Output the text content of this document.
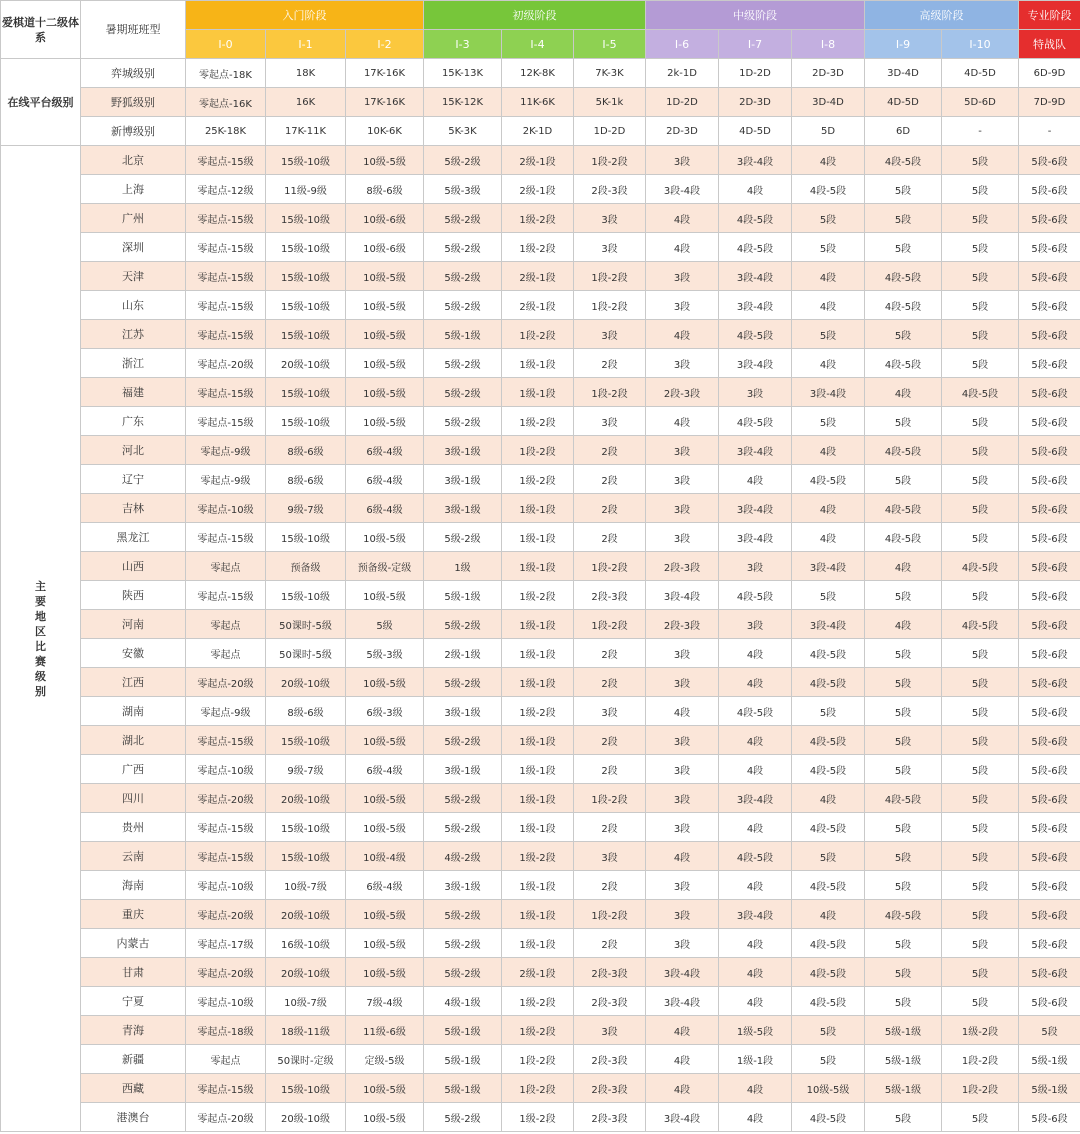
爱棋道十二级体系	暑期班班型	入门阶段			初级阶段			中级阶段			高级阶段		专业阶段
		I-0	I-1	I-2	I-3	I-4	I-5	I-6	I-7	I-8	I-9	I-10	特战队
在线平台级别	弈城级别	零起点-18K	18K	17K-16K	15K-13K	12K-8K	7K-3K	2k-1D	1D-2D	2D-3D	3D-4D	4D-5D	6D-9D
	野狐级别	零起点-16K	16K	17K-16K	15K-12K	11K-6K	5K-1k	1D-2D	2D-3D	3D-4D	4D-5D	5D-6D	7D-9D
	新博级别	25K-18K	17K-11K	10K-6K	5K-3K	2K-1D	1D-2D	2D-3D	4D-5D	5D	6D	-	-
主要地区比赛级别	北京	零起点-15级	15级-10级	10级-5级	5级-2级	2级-1段	1段-2段	3段	3段-4段	4段	4段-5段	5段	5段-6段
	上海	零起点-12级	11级-9级	8级-6级	5级-3级	2级-1段	2段-3段	3段-4段	4段	4段-5段	5段	5段	5段-6段
	广州	零起点-15级	15级-10级	10级-6级	5级-2级	1级-2段	3段	4段	4段-5段	5段	5段	5段	5段-6段
	深圳	零起点-15级	15级-10级	10级-6级	5级-2级	1级-2段	3段	4段	4段-5段	5段	5段	5段	5段-6段
	天津	零起点-15级	15级-10级	10级-5级	5级-2级	2级-1段	1段-2段	3段	3段-4段	4段	4段-5段	5段	5段-6段
	山东	零起点-15级	15级-10级	10级-5级	5级-2级	2级-1段	1段-2段	3段	3段-4段	4段	4段-5段	5段	5段-6段
	江苏	零起点-15级	15级-10级	10级-5级	5级-1级	1段-2段	3段	4段	4段-5段	5段	5段	5段	5段-6段
	浙江	零起点-20级	20级-10级	10级-5级	5级-2级	1级-1段	2段	3段	3段-4段	4段	4段-5段	5段	5段-6段
	福建	零起点-15级	15级-10级	10级-5级	5级-2级	1级-1段	1段-2段	2段-3段	3段	3段-4段	4段	4段-5段	5段-6段
	广东	零起点-15级	15级-10级	10级-5级	5级-2级	1级-2段	3段	4段	4段-5段	5段	5段	5段	5段-6段
	河北	零起点-9级	8级-6级	6级-4级	3级-1级	1段-2段	2段	3段	3段-4段	4段	4段-5段	5段	5段-6段
	辽宁	零起点-9级	8级-6级	6级-4级	3级-1级	1级-2段	2段	3段	4段	4段-5段	5段	5段	5段-6段
	吉林	零起点-10级	9级-7级	6级-4级	3级-1级	1级-1段	2段	3段	3段-4段	4段	4段-5段	5段	5段-6段
	黑龙江	零起点-15级	15级-10级	10级-5级	5级-2级	1级-1段	2段	3段	3段-4段	4段	4段-5段	5段	5段-6段
	山西	零起点	预备级	预备级-定级	1级	1级-1段	1段-2段	2段-3段	3段	3段-4段	4段	4段-5段	5段-6段
	陕西	零起点-15级	15级-10级	10级-5级	5级-1级	1级-2段	2段-3段	3段-4段	4段-5段	5段	5段	5段	5段-6段
	河南	零起点	50课时-5级	5级	5级-2级	1级-1段	1段-2段	2段-3段	3段	3段-4段	4段	4段-5段	5段-6段
	安徽	零起点	50课时-5级	5级-3级	2级-1级	1级-1段	2段	3段	4段	4段-5段	5段	5段	5段-6段
	江西	零起点-20级	20级-10级	10级-5级	5级-2级	1级-1段	2段	3段	4段	4段-5段	5段	5段	5段-6段
	湖南	零起点-9级	8级-6级	6级-3级	3级-1级	1级-2段	3段	4段	4段-5段	5段	5段	5段	5段-6段
	湖北	零起点-15级	15级-10级	10级-5级	5级-2级	1级-1段	2段	3段	4段	4段-5段	5段	5段	5段-6段
	广西	零起点-10级	9级-7级	6级-4级	3级-1级	1级-1段	2段	3段	4段	4段-5段	5段	5段	5段-6段
	四川	零起点-20级	20级-10级	10级-5级	5级-2级	1级-1段	1段-2段	3段	3段-4段	4段	4段-5段	5段	5段-6段
	贵州	零起点-15级	15级-10级	10级-5级	5级-2级	1级-1段	2段	3段	4段	4段-5段	5段	5段	5段-6段
	云南	零起点-15级	15级-10级	10级-4级	4级-2级	1级-2段	3段	4段	4段-5段	5段	5段	5段	5段-6段
	海南	零起点-10级	10级-7级	6级-4级	3级-1级	1级-1段	2段	3段	4段	4段-5段	5段	5段	5段-6段
	重庆	零起点-20级	20级-10级	10级-5级	5级-2级	1级-1段	1段-2段	3段	3段-4段	4段	4段-5段	5段	5段-6段
	内蒙古	零起点-17级	16级-10级	10级-5级	5级-2级	1级-1段	2段	3段	4段	4段-5段	5段	5段	5段-6段
	甘肃	零起点-20级	20级-10级	10级-5级	5级-2级	2级-1段	2段-3段	3段-4段	4段	4段-5段	5段	5段	5段-6段
	宁夏	零起点-10级	10级-7级	7级-4级	4级-1级	1级-2段	2段-3段	3段-4段	4段	4段-5段	5段	5段	5段-6段
	青海	零起点-18级	18级-11级	11级-6级	5级-1级	1级-2段	3段	4段	1级-5段	5段	5级-1级	1级-2段	5段
	新疆	零起点	50课时-定级	定级-5级	5级-1级	1段-2段	2段-3段	4段	1级-1段	5段	5级-1级	1段-2段	5级-1级
	西藏	零起点-15级	15级-10级	10级-5级	5级-1级	1段-2段	2段-3段	4段	4段	10级-5级	5级-1级	1段-2段	5级-1级
	港澳台	零起点-20级	20级-10级	10级-5级	5级-2级	1级-2段	2段-3段	3段-4段	4段	4段-5段	5段	5段	5段-6段
